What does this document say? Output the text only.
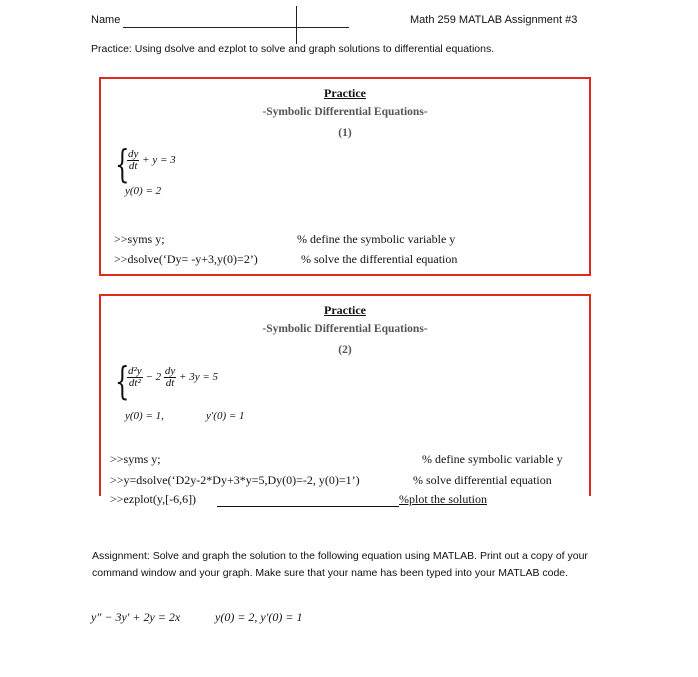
Name	Math 259 MATLAB Assignment #3
Practice: Using dsolve and ezplot to solve and graph solutions to differential equations.
Practice
-Symbolic Differential Equations-
(1)
{
$\frac{dy}{dt} + y = 3$
y(0) = 2
>>syms y;	% define the symbolic variable y
>>dsolve(‘Dy= -y+3,y(0)=2’)	% solve the differential equation
Practice
-Symbolic Differential Equations-
(2)
{
$\frac{\text{d²y}}{\text{dt²}} - 2 \frac{dy}{dt} + 3y = 5$
y(0) = 1,	y′(0) = 1
>>syms y;	% define symbolic variable y
>>y=dsolve(‘D2y-2*Dy+3*y=5,Dy(0)=-2, y(0)=1’)	% solve differential equation
>>ezplot(y,[-6,6])	%plot the solution
Assignment: Solve and graph the solution to the following equation using MATLAB. Print out a copy of your command window and your graph. Make sure that your name has been typed into your MATLAB code.
y" − 3y′ + 2y = 2x	y(0) = 2, y′(0) = 1
